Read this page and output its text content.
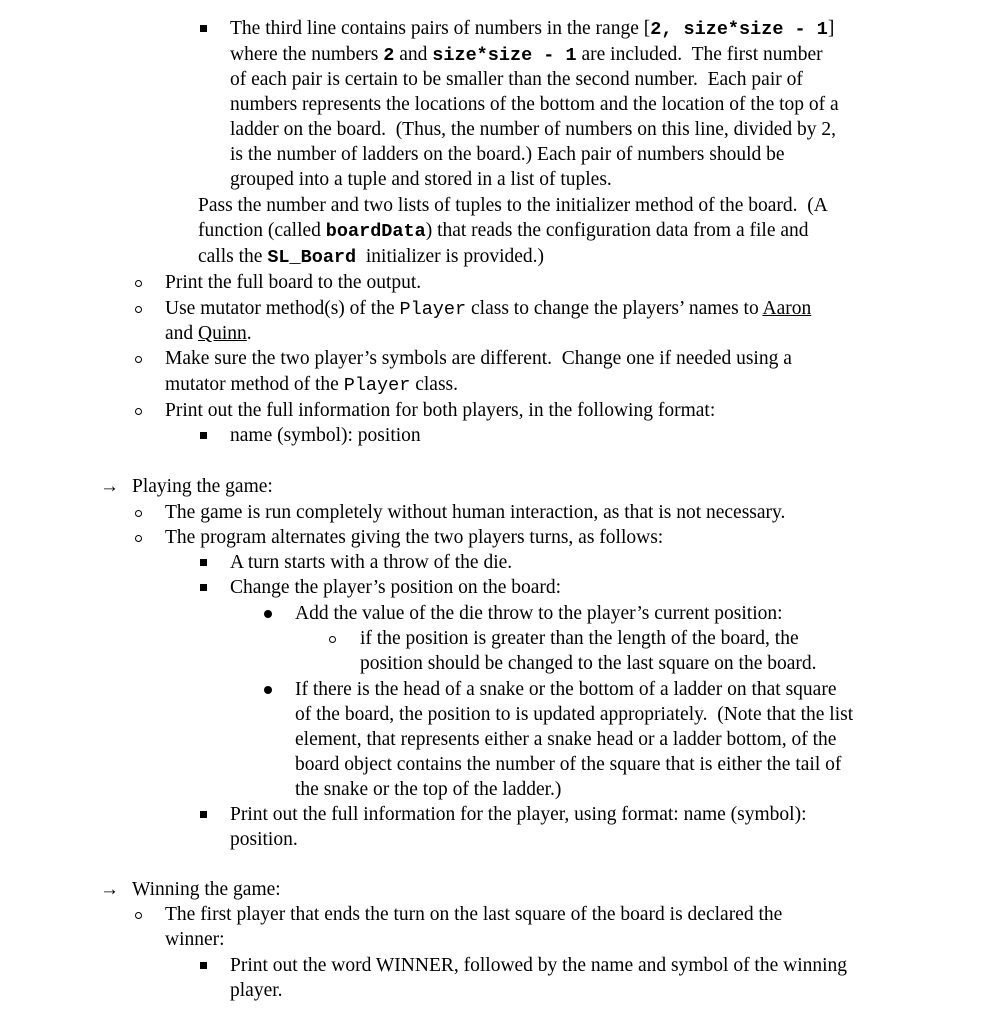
The third line contains pairs of numbers in the range [2, size*size - 1]
where the numbers 2 and size*size - 1 are included.  The first number
of each pair is certain to be smaller than the second number.  Each pair of
numbers represents the locations of the bottom and the location of the top of a
ladder on the board.  (Thus, the number of numbers on this line, divided by 2,
is the number of ladders on the board.) Each pair of numbers should be
grouped into a tuple and stored in a list of tuples.
Pass the number and two lists of tuples to the initializer method of the board.  (A
function (called boardData) that reads the configuration data from a file and
calls the SL_Board  initializer is provided.)
Print the full board to the output.
Use mutator method(s) of the Player class to change the players’ names to Aaron
and Quinn.
Make sure the two player’s symbols are different.  Change one if needed using a
mutator method of the Player class.
Print out the full information for both players, in the following format:
name (symbol): position
→ Playing the game:
The game is run completely without human interaction, as that is not necessary.
The program alternates giving the two players turns, as follows:
A turn starts with a throw of the die.
Change the player’s position on the board:
Add the value of the die throw to the player’s current position:
if the position is greater than the length of the board, the
position should be changed to the last square on the board.
If there is the head of a snake or the bottom of a ladder on that square
of the board, the position to is updated appropriately.  (Note that the list
element, that represents either a snake head or a ladder bottom, of the
board object contains the number of the square that is either the tail of
the snake or the top of the ladder.)
Print out the full information for the player, using format: name (symbol):
position.
→ Winning the game:
The first player that ends the turn on the last square of the board is declared the
winner:
Print out the word WINNER, followed by the name and symbol of the winning
player.
